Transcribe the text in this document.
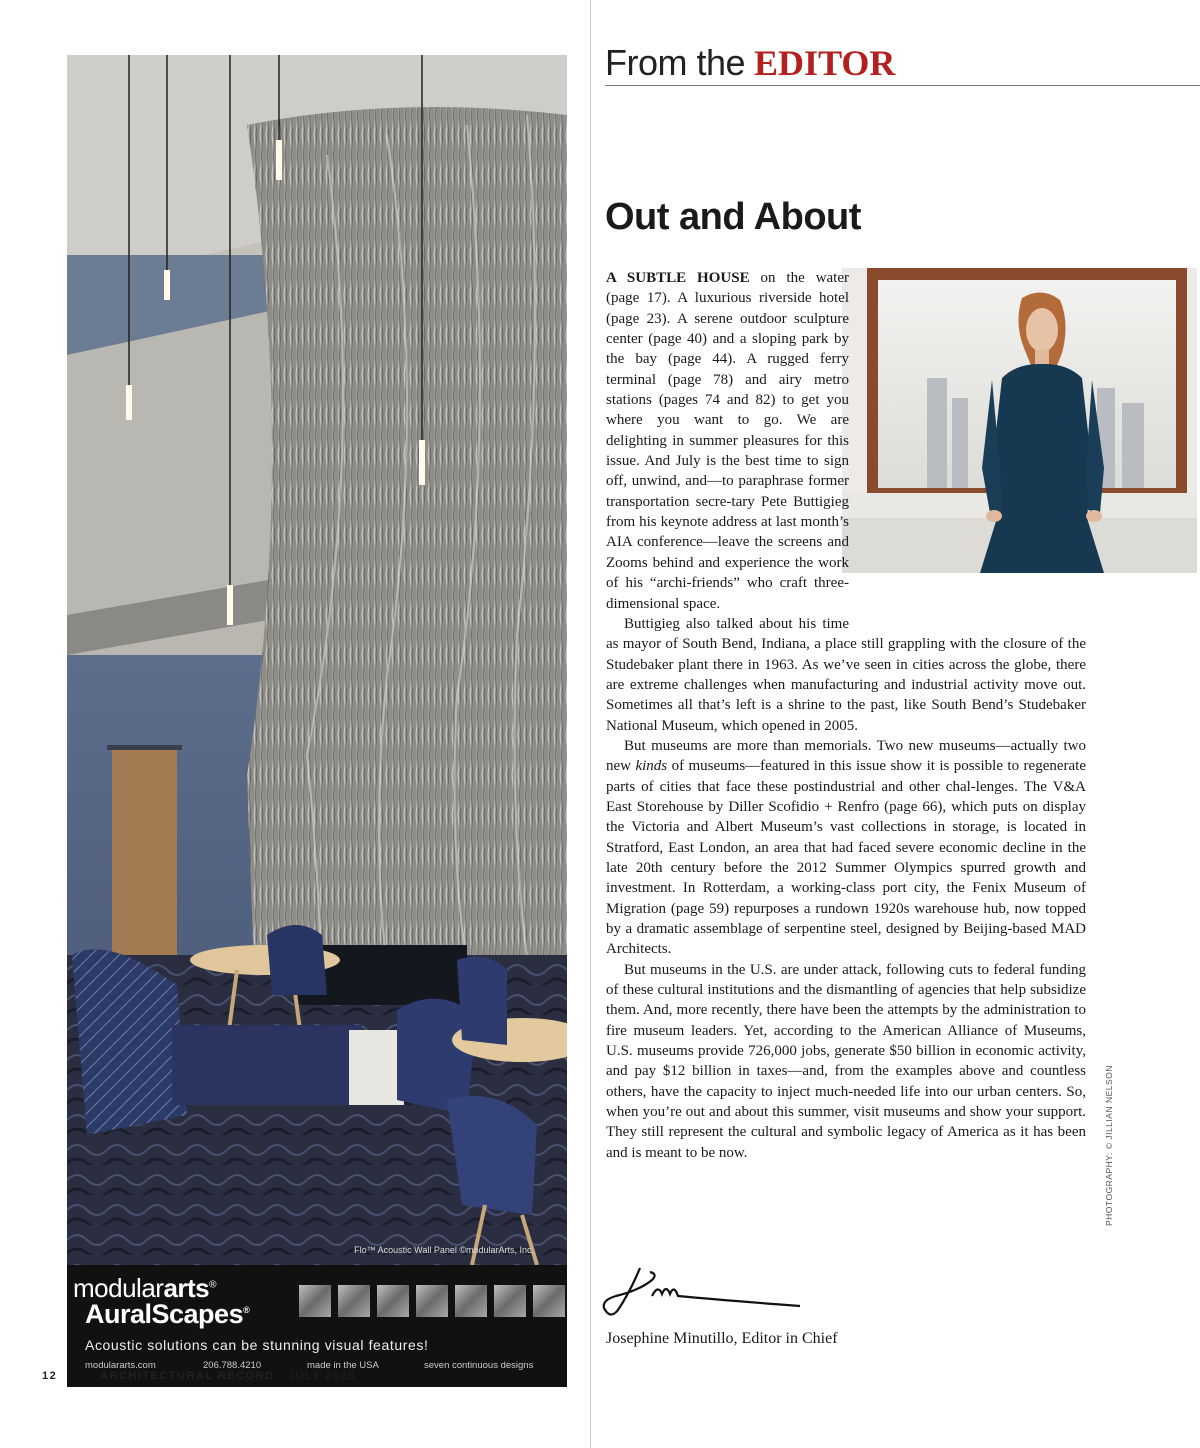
Flo™ Acoustic Wall Panel ©modularArts, Inc.
modulararts®
AuralScapes®
Acoustic solutions can be stunning visual features!
modulararts.com	206.788.4210	made in the USA	seven continuous designs
12	ARCHITECTURAL RECORD JULY 2025
From the EDITOR
Out and About

A SUBTLE HOUSE on the water (page 17). A luxurious riverside hotel (page 23). A serene outdoor sculpture center (page 40) and a sloping park by the bay (page 44). A rugged ferry terminal (page 78) and airy metro stations (pages 74 and 82) to get you where you want to go. We are delighting in summer pleasures for this issue. And July is the best time to sign off, unwind, and—to paraphrase former transportation secre-tary Pete Buttigieg from his keynote address at last month’s AIA conference—leave the screens and Zooms behind and experience the work of his “archi-friends” who craft three-dimensional space.

Buttigieg also talked about his time as mayor of South Bend, Indiana, a place still grappling with the closure of the Studebaker plant there in 1963. As we’ve seen in cities across the globe, there are extreme challenges when manufacturing and industrial activity move out. Sometimes all that’s left is a shrine to the past, like South Bend’s Studebaker National Museum, which opened in 2005.

But museums are more than memorials. Two new museums—actually two new kinds of museums—featured in this issue show it is possible to regenerate parts of cities that face these postindustrial and other chal-lenges. The V&A East Storehouse by Diller Scofidio + Renfro (page 66), which puts on display the Victoria and Albert Museum’s vast collections in storage, is located in Stratford, East London, an area that had faced severe economic decline in the late 20th century before the 2012 Summer Olympics spurred growth and investment. In Rotterdam, a working-class port city, the Fenix Museum of Migration (page 59) repurposes a rundown 1920s warehouse hub, now topped by a dramatic assemblage of serpentine steel, designed by Beijing-based MAD Architects.

But museums in the U.S. are under attack, following cuts to federal funding of these cultural institutions and the dismantling of agencies that help subsidize them. And, more recently, there have been the attempts by the administration to fire museum leaders. Yet, according to the American Alliance of Museums, U.S. museums provide 726,000 jobs, generate $50 billion in economic activity, and pay $12 billion in taxes—and, from the examples above and countless others, have the capacity to inject much-needed life into our urban centers. So, when you’re out and about this summer, visit museums and show your support. They still represent the cultural and symbolic legacy of America as it has been and is meant to be now.

Josephine Minutillo, Editor in Chief
PHOTOGRAPHY: © JILLIAN NELSON
